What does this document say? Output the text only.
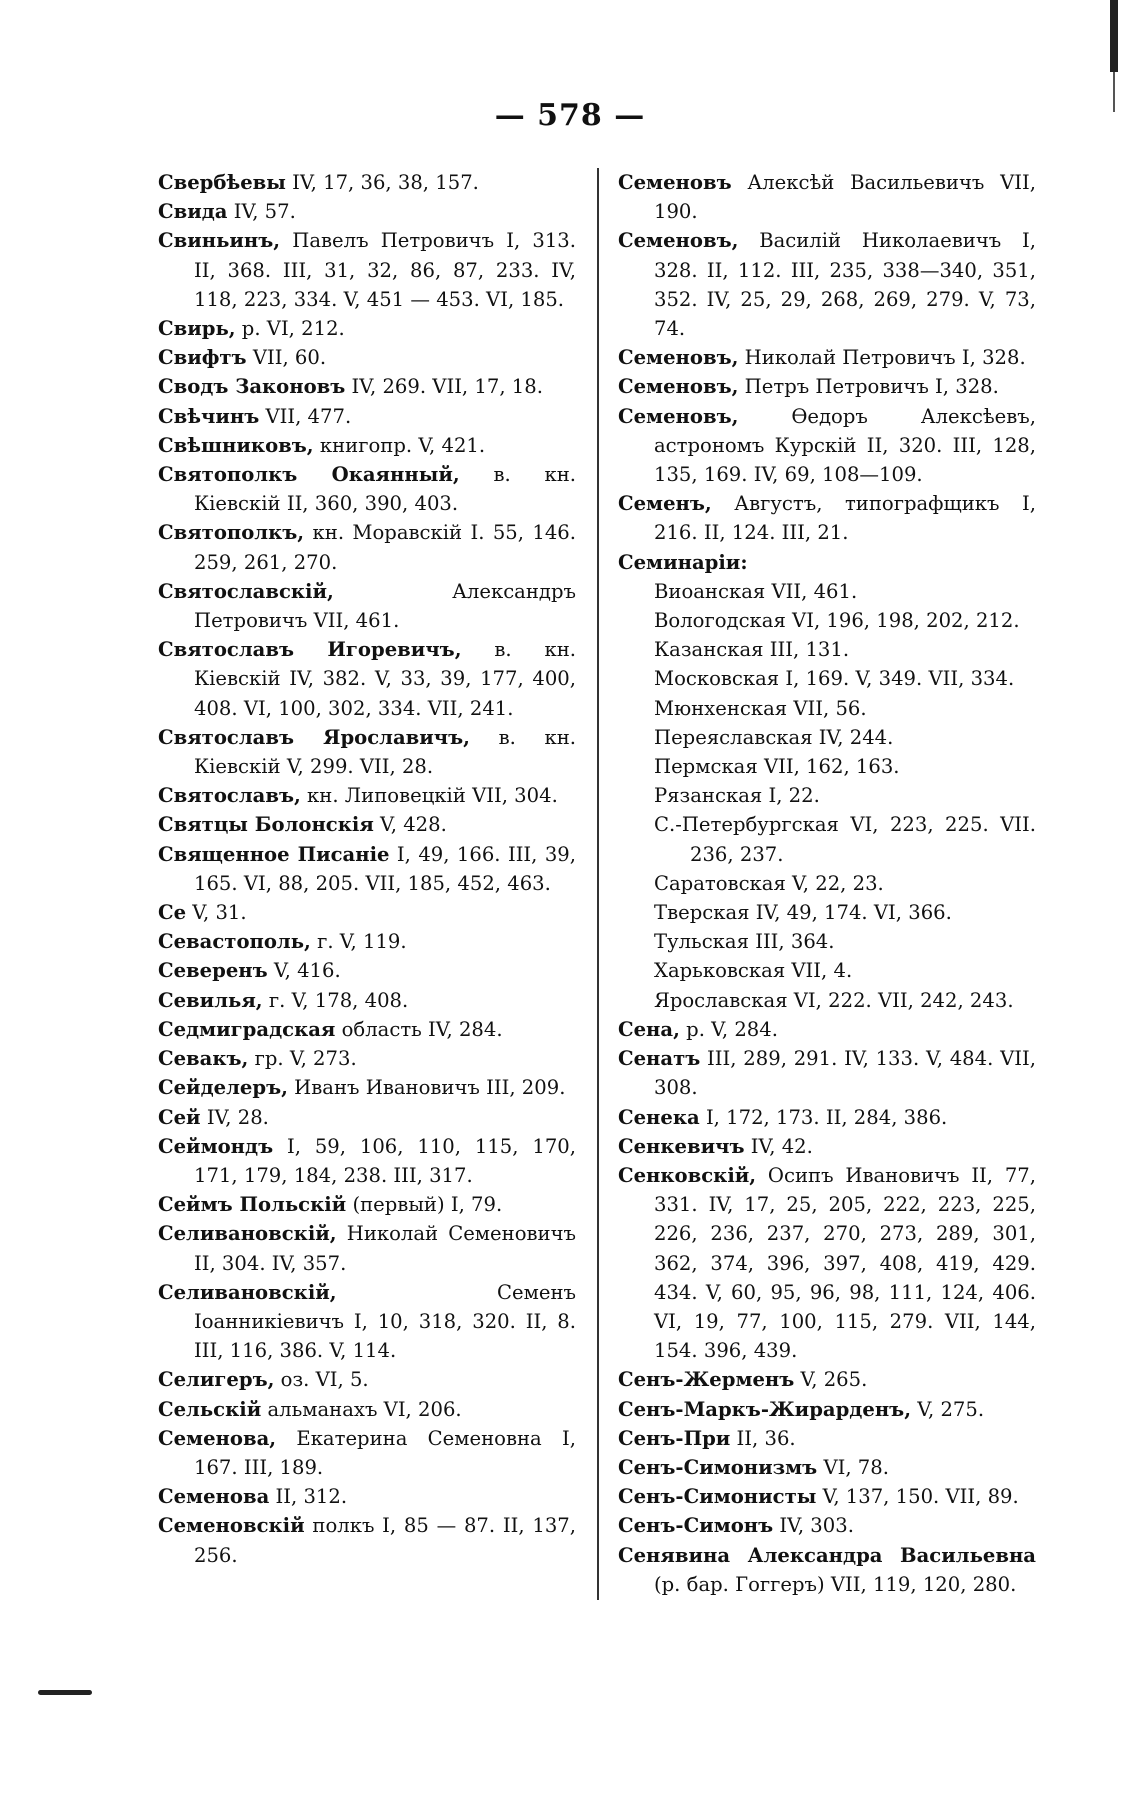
— 578 —

Свербѣевы IV, 17, 36, 38, 157.

Свида IV, 57.

Свиньинъ, Павелъ Петровичъ I, 313. II, 368. III, 31, 32, 86, 87, 233. IV, 118, 223, 334. V, 451 — 453. VI, 185.

Свирь, р. VI, 212.

Свифтъ VII, 60.

Сводъ Законовъ IV, 269. VII, 17, 18.

Свѣчинъ VII, 477.

Свѣшниковъ, книгопр. V, 421.

Святополкъ Окаянный, в. кн. Кіевскій II, 360, 390, 403.

Святополкъ, кн. Моравскій I. 55, 146. 259, 261, 270.

Святославскій, Александръ Петровичъ VII, 461.

Святославъ Игоревичъ, в. кн. Кіевскій IV, 382. V, 33, 39, 177, 400, 408. VI, 100, 302, 334. VII, 241.

Святославъ Ярославичъ, в. кн. Кіевскій V, 299. VII, 28.

Святославъ, кн. Липовецкій VII, 304.

Святцы Болонскія V, 428.

Священное Писаніе I, 49, 166. III, 39, 165. VI, 88, 205. VII, 185, 452, 463.

Се V, 31.

Севастополь, г. V, 119.

Северенъ V, 416.

Севилья, г. V, 178, 408.

Седмиградская область IV, 284.

Севакъ, гр. V, 273.

Сейделеръ, Иванъ Ивановичъ III, 209.

Сей IV, 28.

Сеймондъ I, 59, 106, 110, 115, 170, 171, 179, 184, 238. III, 317.

Сеймъ Польскій (первый) I, 79.

Селивановскій, Николай Семеновичъ II, 304. IV, 357.

Селивановскій, Семенъ Іоанникіевичъ I, 10, 318, 320. II, 8. III, 116, 386. V, 114.

Селигеръ, оз. VI, 5.

Сельскій альманахъ VI, 206.

Семенова, Екатерина Семеновна I, 167. III, 189.

Семенова II, 312.

Семеновскій полкъ I, 85 — 87. II, 137, 256.

Семеновъ Алексѣй Васильевичъ VII, 190.

Семеновъ, Василій Николаевичъ I, 328. II, 112. III, 235, 338—340, 351, 352. IV, 25, 29, 268, 269, 279. V, 73, 74.

Семеновъ, Николай Петровичъ I, 328.

Семеновъ, Петръ Петровичъ I, 328.

Семеновъ, Ѳедоръ Алексѣевъ, астрономъ Курскій II, 320. III, 128, 135, 169. IV, 69, 108—109.

Семенъ, Августъ, типографщикъ I, 216. II, 124. III, 21.

Семинаріи:

Виоанская VII, 461.

Вологодская VI, 196, 198, 202, 212.

Казанская III, 131.

Московская I, 169. V, 349. VII, 334.

Мюнхенская VII, 56.

Переяславская IV, 244.

Пермская VII, 162, 163.

Рязанская I, 22.

С.-Петербургская VI, 223, 225. VII. 236, 237.

Саратовская V, 22, 23.

Тверская IV, 49, 174. VI, 366.

Тульская III, 364.

Харьковская VII, 4.

Ярославская VI, 222. VII, 242, 243.

Сена, р. V, 284.

Сенатъ III, 289, 291. IV, 133. V, 484. VII, 308.

Сенека I, 172, 173. II, 284, 386.

Сенкевичъ IV, 42.

Сенковскій, Осипъ Ивановичъ II, 77, 331. IV, 17, 25, 205, 222, 223, 225, 226, 236, 237, 270, 273, 289, 301, 362, 374, 396, 397, 408, 419, 429. 434. V, 60, 95, 96, 98, 111, 124, 406. VI, 19, 77, 100, 115, 279. VII, 144, 154. 396, 439.

Сенъ-Жерменъ V, 265.

Сенъ-Маркъ-Жирарденъ, V, 275.

Сенъ-При II, 36.

Сенъ-Симонизмъ VI, 78.

Сенъ-Симонисты V, 137, 150. VII, 89.

Сенъ-Симонъ IV, 303.

Сенявина Александра Васильевна (р. бар. Гоггеръ) VII, 119, 120, 280.
